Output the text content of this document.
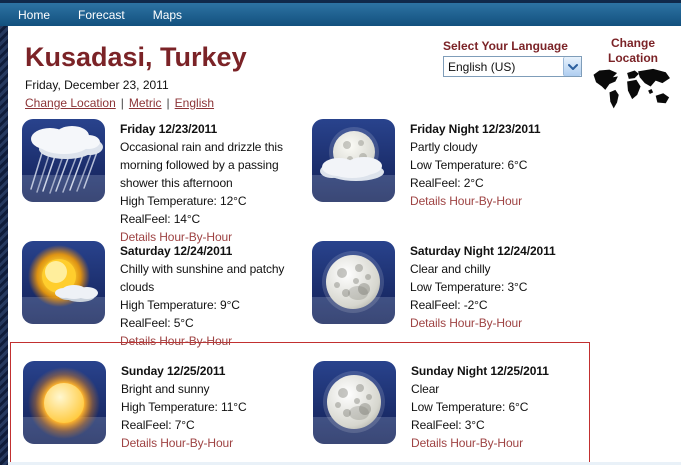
Home Forecast Maps
Kusadasi, Turkey
Friday, December 23, 2011
Change Location | Metric | English
Select Your Language
English (US)
Change Location
Friday 12/23/2011
Occasional rain and drizzle this morning followed by a passing shower this afternoon
High Temperature: 12°C
RealFeel: 14°C
Details Hour-By-Hour
Friday Night 12/23/2011
Partly cloudy
Low Temperature: 6°C
RealFeel: 2°C
Details Hour-By-Hour
Saturday 12/24/2011
Chilly with sunshine and patchy clouds
High Temperature: 9°C
RealFeel: 5°C
Details Hour-By-Hour
Saturday Night 12/24/2011
Clear and chilly
Low Temperature: 3°C
RealFeel: -2°C
Details Hour-By-Hour
Sunday 12/25/2011
Bright and sunny
High Temperature: 11°C
RealFeel: 7°C
Details Hour-By-Hour
Sunday Night 12/25/2011
Clear
Low Temperature: 6°C
RealFeel: 3°C
Details Hour-By-Hour
